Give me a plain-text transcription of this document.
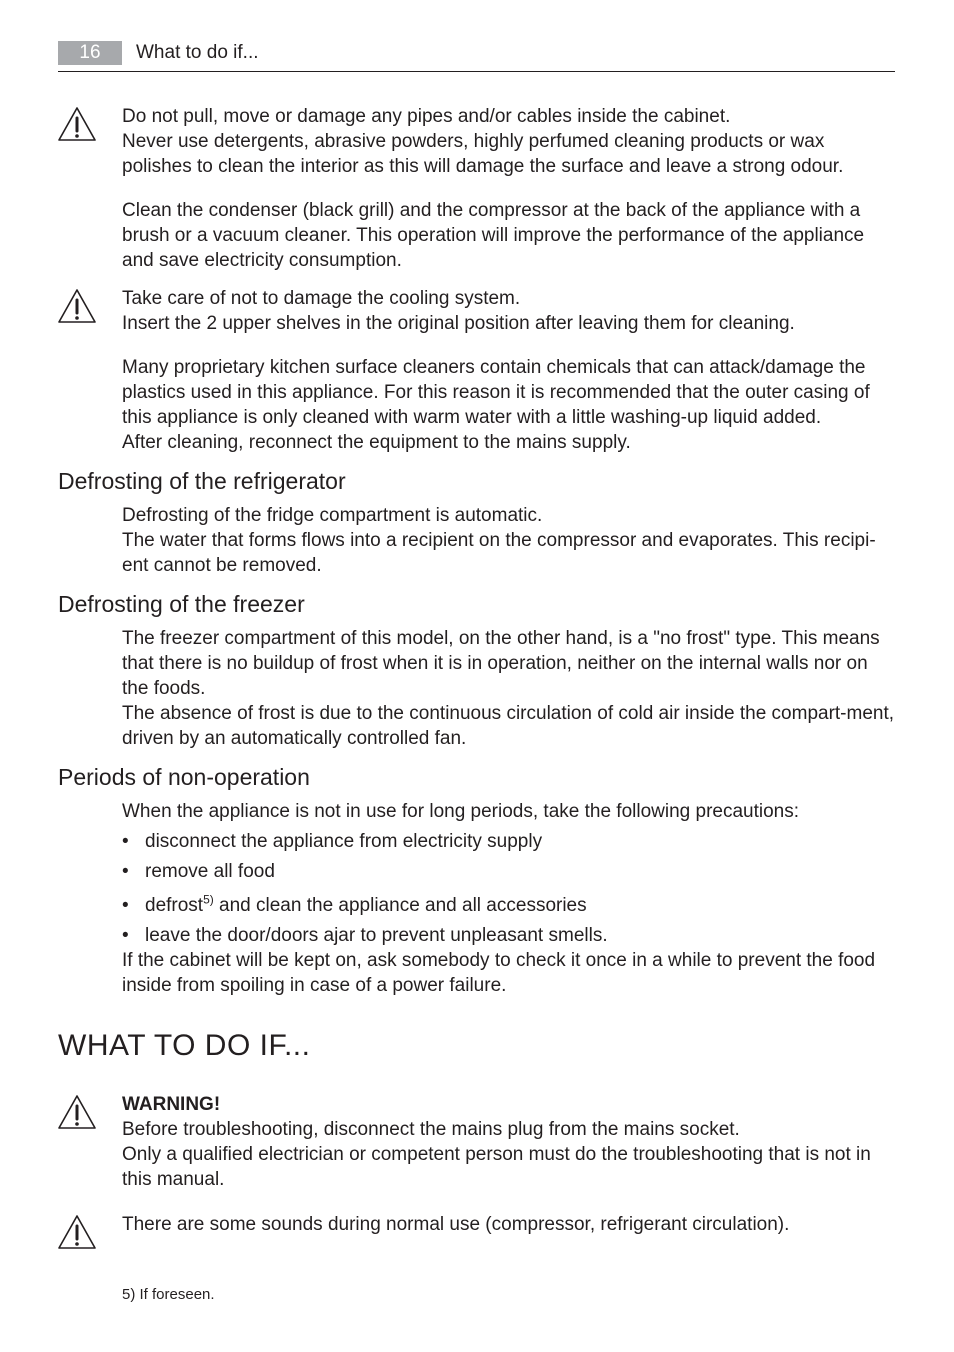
16	What to do if...

Do not pull, move or damage any pipes and/or cables inside the cabinet.
Never use detergents, abrasive powders, highly perfumed cleaning products or wax polishes to clean the interior as this will damage the surface and leave a strong odour.

Clean the condenser (black grill) and the compressor at the back of the appliance with a brush or a vacuum cleaner. This operation will improve the performance of the appliance and save electricity consumption.

Take care of not to damage the cooling system.
Insert the 2 upper shelves in the original position after leaving them for cleaning.

Many proprietary kitchen surface cleaners contain chemicals that can attack/damage the plastics used in this appliance. For this reason it is recommended that the outer casing of this appliance is only cleaned with warm water with a little washing-up liquid added.
After cleaning, reconnect the equipment to the mains supply.

Defrosting of the refrigerator

Defrosting of the fridge compartment is automatic.
The water that forms flows into a recipient on the compressor and evaporates. This recipi-ent cannot be removed.

Defrosting of the freezer

The freezer compartment of this model, on the other hand, is a "no frost" type. This means that there is no buildup of frost when it is in operation, neither on the internal walls nor on the foods.
The absence of frost is due to the continuous circulation of cold air inside the compart-ment, driven by an automatically controlled fan.

Periods of non-operation

When the appliance is not in use for long periods, take the following precautions:

• disconnect the appliance from electricity supply
• remove all food
• defrost$^{5)}$ and clean the appliance and all accessories
• leave the door/doors ajar to prevent unpleasant smells.

If the cabinet will be kept on, ask somebody to check it once in a while to prevent the food inside from spoiling in case of a power failure.

WHAT TO DO IF...

WARNING!
Before troubleshooting, disconnect the mains plug from the mains socket.
Only a qualified electrician or competent person must do the troubleshooting that is not in this manual.

There are some sounds during normal use (compressor, refrigerant circulation).

5) If foreseen.
